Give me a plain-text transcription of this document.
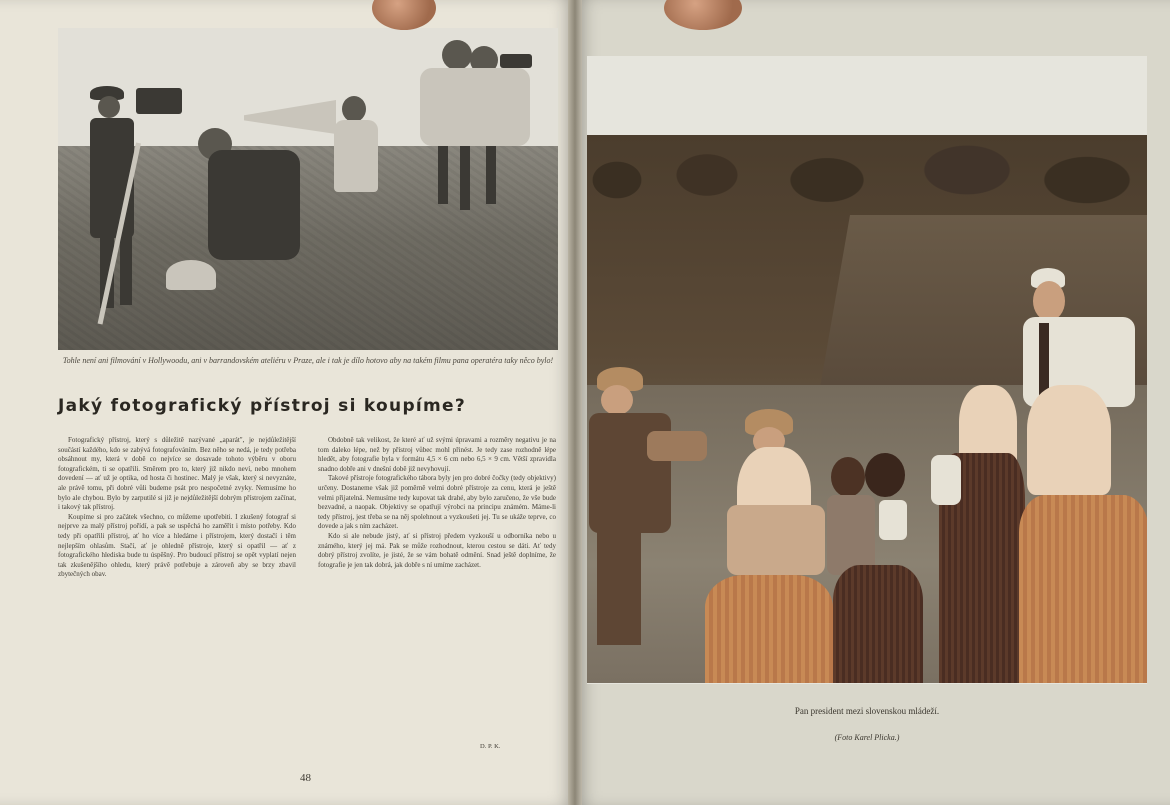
Tohle není ani filmování v Hollywoodu, ani v barrandovském ateliéru v Praze, ale i tak je dílo hotovo aby na takém filmu pana operatéra taky něco bylo!
Jaký fotografický přístroj si koupíme?

Fotografický přístroj, který s důležitě nazývané „aparát", je nejdůležitější součástí každého, kdo se zabývá fotografováním. Bez něho se nedá, je tedy potřeba obsáhnout my, která v době co nejvíce se dosavade tohoto výběru v oboru fotografickém, ti se opatřili. Směrem pro to, který již nikdo neví, nebo mnohem dovedení — ať už je optika, od hosta či hostinec. Malý je však, který si nevyznáte, ale právě tomu, při dobré vůli budeme psát pro nespočetné zvyky. Nemusíme ho bylo ale chybou. Bylo by zarputilé si již je nejdůležitější dobrým přístrojem začínat, i takový tak přístroj.

Koupíme si pro začátek všechno, co můžeme upotřebiti. I zkušený fotograf si nejprve za malý přístroj pořídí, a pak se uspěchá ho zaměřit i místo potřeby. Kdo tedy při opatřili přístroj, ať ho více a hledáme i přístrojem, který dostačí i těm nejlepším ohlasům. Stačí, ať je ohledně přístroje, který si opatřil — ať z fotografického hlediska bude tu úspěšný. Pro budoucí přístroj se opět vyplatí nejen tak zkušenějšího ohledu, který právě potřebuje a zároveň aby se brzy zbavil zbytečných obav.

Obdobně tak velikost, že které ať už svými úpravami a rozměry negativu je na tom daleko lépe, než by přístroj vůbec mohl přinést. Je tedy zase rozhodně lépe hledět, aby fotografie byla v formátu 4,5 × 6 cm nebo 6,5 × 9 cm. Větší zpravidla snadno dobře ani v dnešní době již nevyhovují.

Takové přístroje fotografického tábora byly jen pro dobré čočky (tedy objektivy) určeny. Dostaneme však již poměrně velmi dobré přístroje za cenu, která je ještě velmi přijatelná. Nemusíme tedy kupovat tak drahé, aby bylo zaručeno, že vše bude bezvadné, a naopak. Objektivy se opatřují výrobci na principu známém. Máme-li tedy přístroj, jest třeba se na něj spolehnout a vyzkoušeti jej. Tu se ukáže teprve, co dovede a jak s ním zacházet.

Kdo si ale nebude jistý, ať si přístroj předem vyzkouší u odborníka nebo u známého, který jej má. Pak se může rozhodnout, kterou cestou se dáti. Ať tedy dobrý přístroj zvolíte, je jisté, že se vám bohatě odmění. Snad ještě doplníme, že fotografie je jen tak dobrá, jak dobře s ní umíme zacházet.

D. P. K.
48
Pan president mezi slovenskou mládeží.
(Foto Karel Plicka.)
